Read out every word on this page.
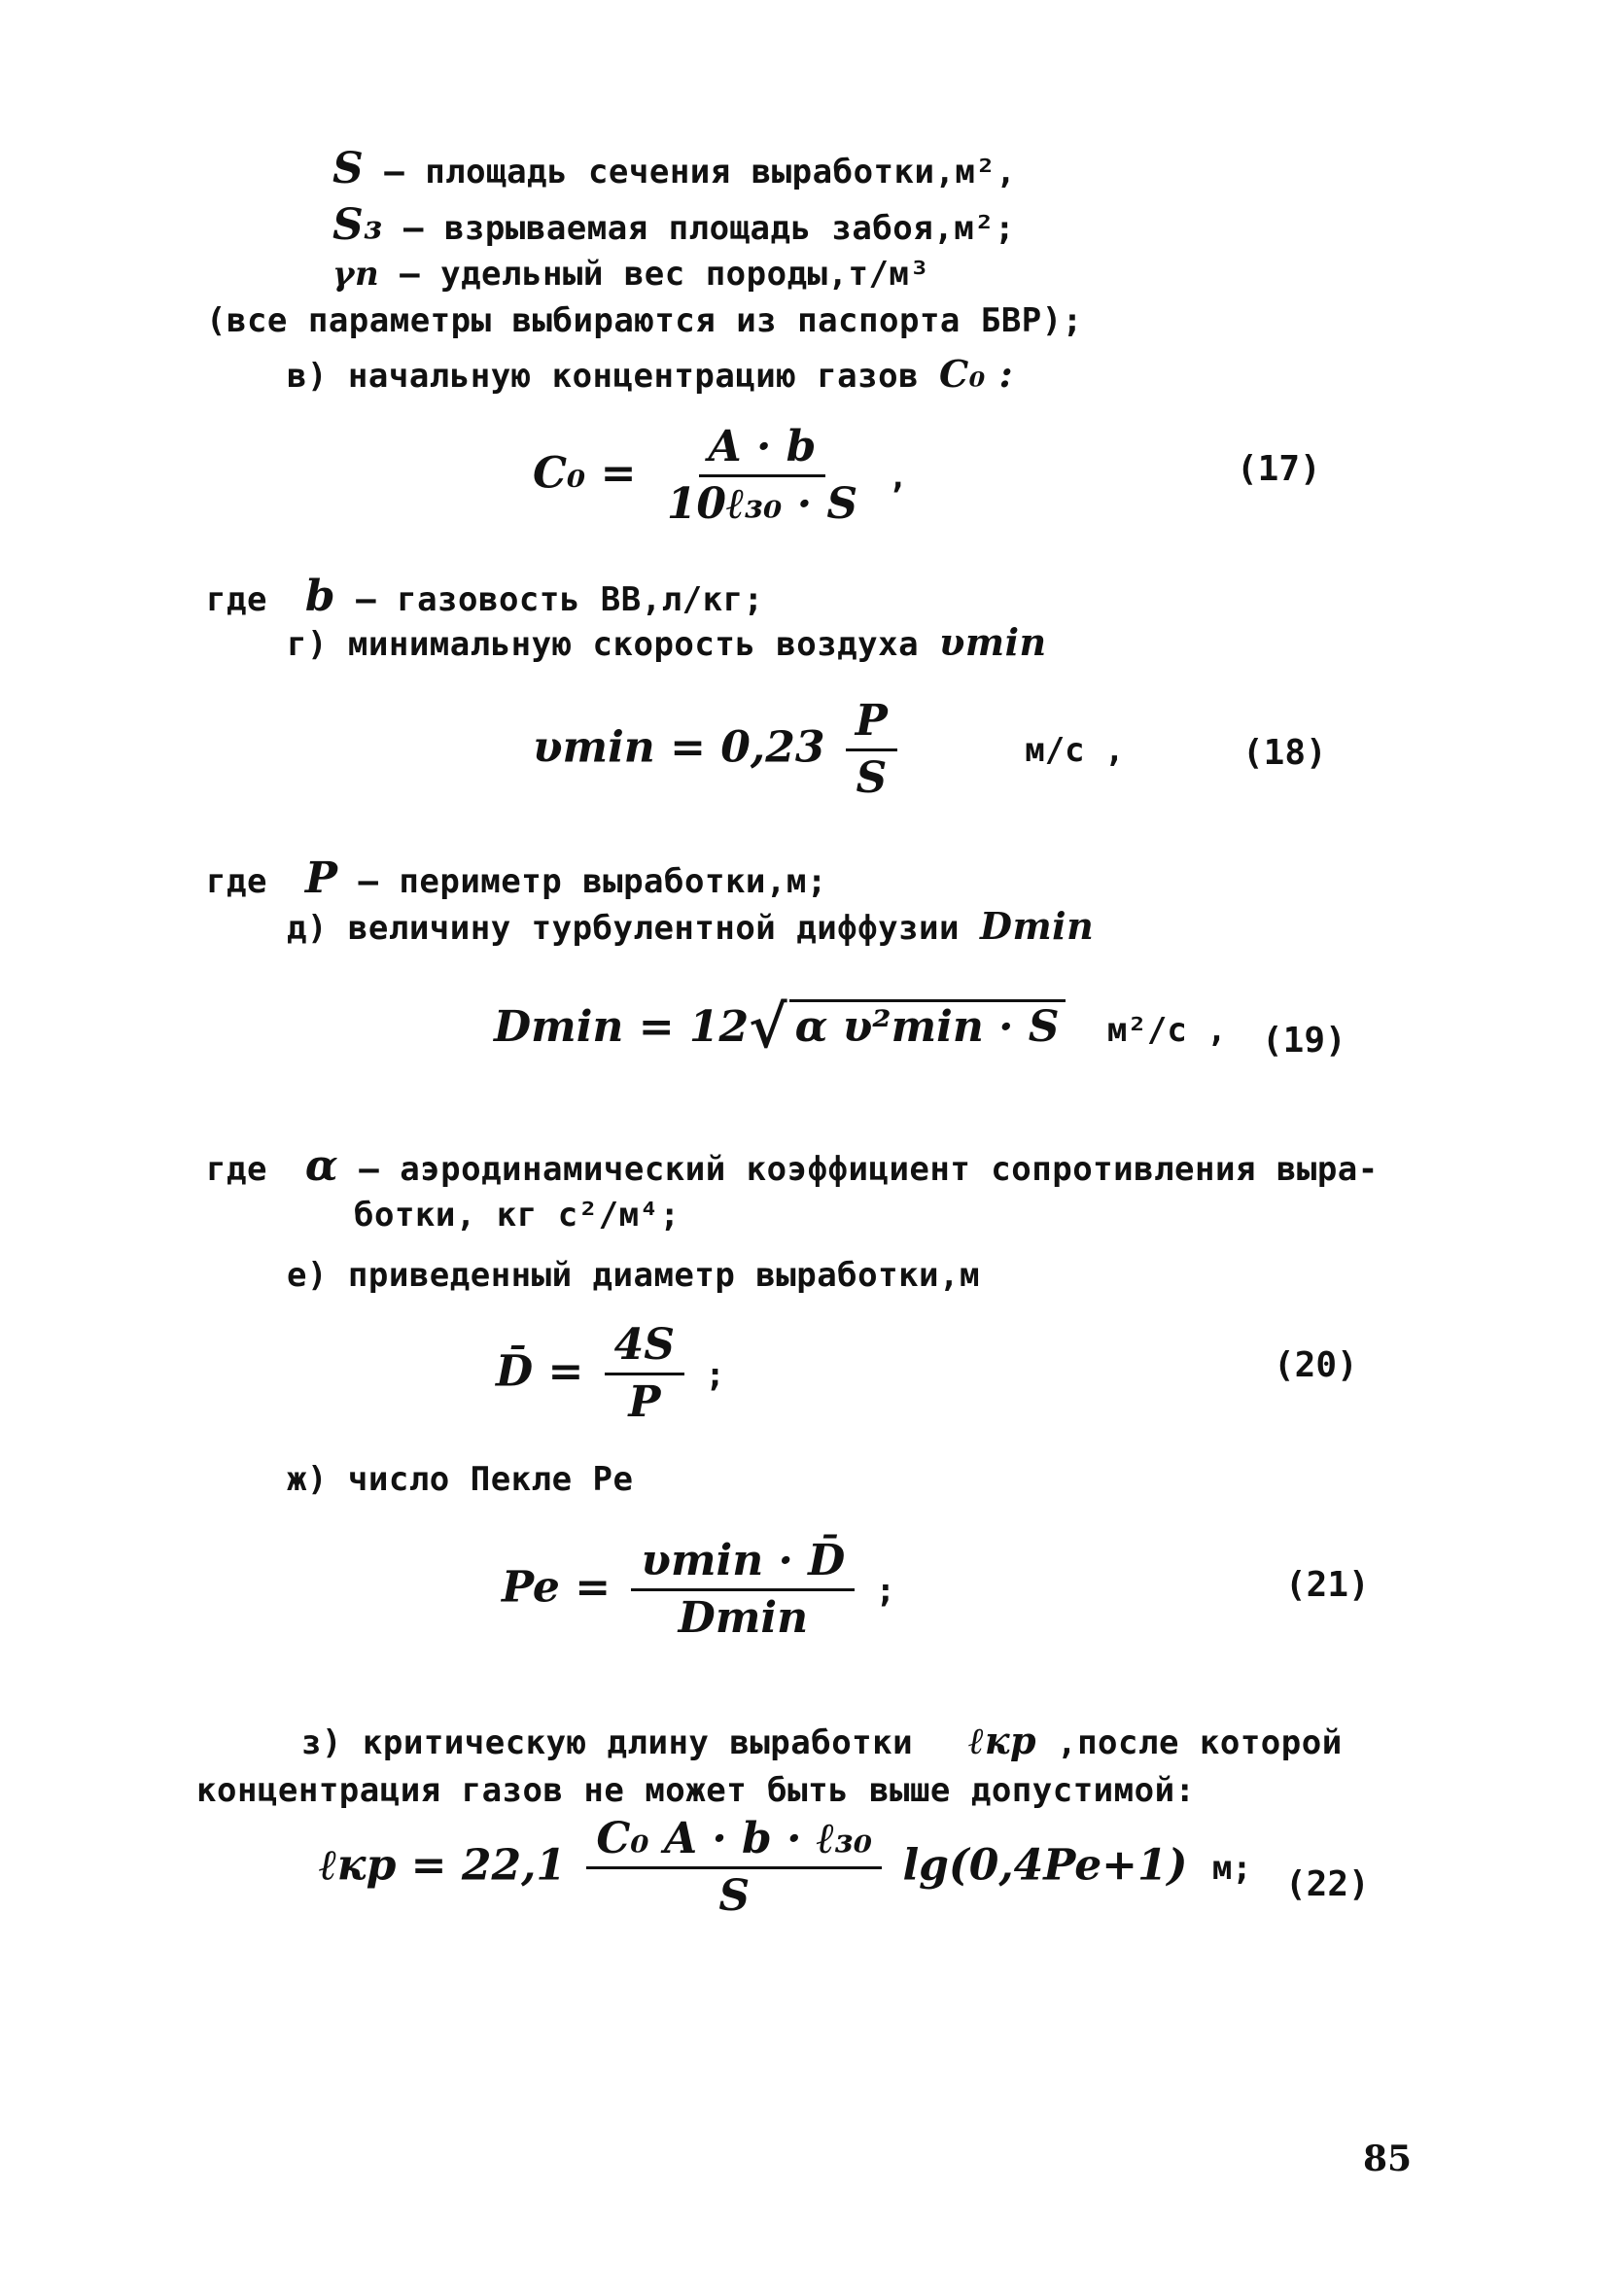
S – площадь сечения выработки,м²,
S₃ – взрываемая площадь забоя,м²;
γп – удельный вес породы,т/м³
(все параметры выбираются из паспорта БВР);
в) начальную концентрацию газов C₀ :
$C_0 = \frac{A \cdot b}{\text{10ℓ₃₀ · S}}$ ,	(17)
где b – газовость ВВ,л/кг;
г) минимальную скорость воздуха υmin
$\upsilon\min = 0,23 \frac{P}{S}$	м/с ,	(18)
где P – периметр выработки,м;
д) величину турбулентной диффузии Dmin
Dmin = 12√ α υ²min · S м²/с , (19)
где α – аэродинамический коэффициент сопротивления выра-
ботки, кг с²/м⁴;
е) приведенный диаметр выработки,м
D̄ = $\frac{4S}{P}$ ;	(20)
ж) число Пекле Ре
$Pe = \frac{\upsilon\min \cdot D̄}{Dmin}$ ;	(21)
з) критическую длину выработки ℓкр ,после которой
концентрация газов не может быть выше допустимой:
ℓкр = $22,1 \frac{\text{C₀ A · b · ℓ₃₀}}{S} \lg(0,4Pe+1)$ м; (22)
85
